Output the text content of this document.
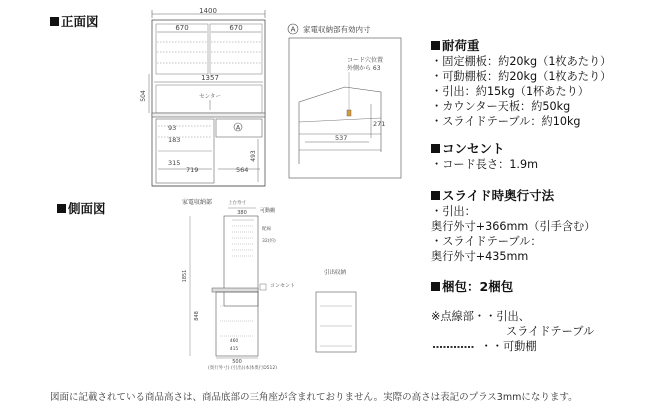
正面図
1400
670	670
1357
センター
504
A
93
183
315
719	564
493
A 家電収納部有効内寸
コード穴位置
外側から 63
271
537
側面図	家電収納部	上台寿寸
可動棚
380
配線
32(約)
1851
848
460
415
500
(奥行外寸) (引出)(本体奥行D512)
コンセント
引出収納
耐荷重
・固定棚板：約20kg（1枚あたり）
・可動棚板：約20kg（1枚あたり）
・引出：約15kg（1杯あたり）
・カウンター天板：約50kg
・スライドテーブル：約10kg
コンセント
・コード長さ：1.9m
スライド時奥行寸法
・引出：
奥行外寸+366mm（引手含む）
・スライドテーブル：
奥行外寸+435mm
梱包：2梱包
※点線部・・引出、
スライドテーブル
・・可動棚
図面に記載されている商品高さは、商品底部の三角座が含まれておりません。実際の高さは表記のプラス3mmになります。
